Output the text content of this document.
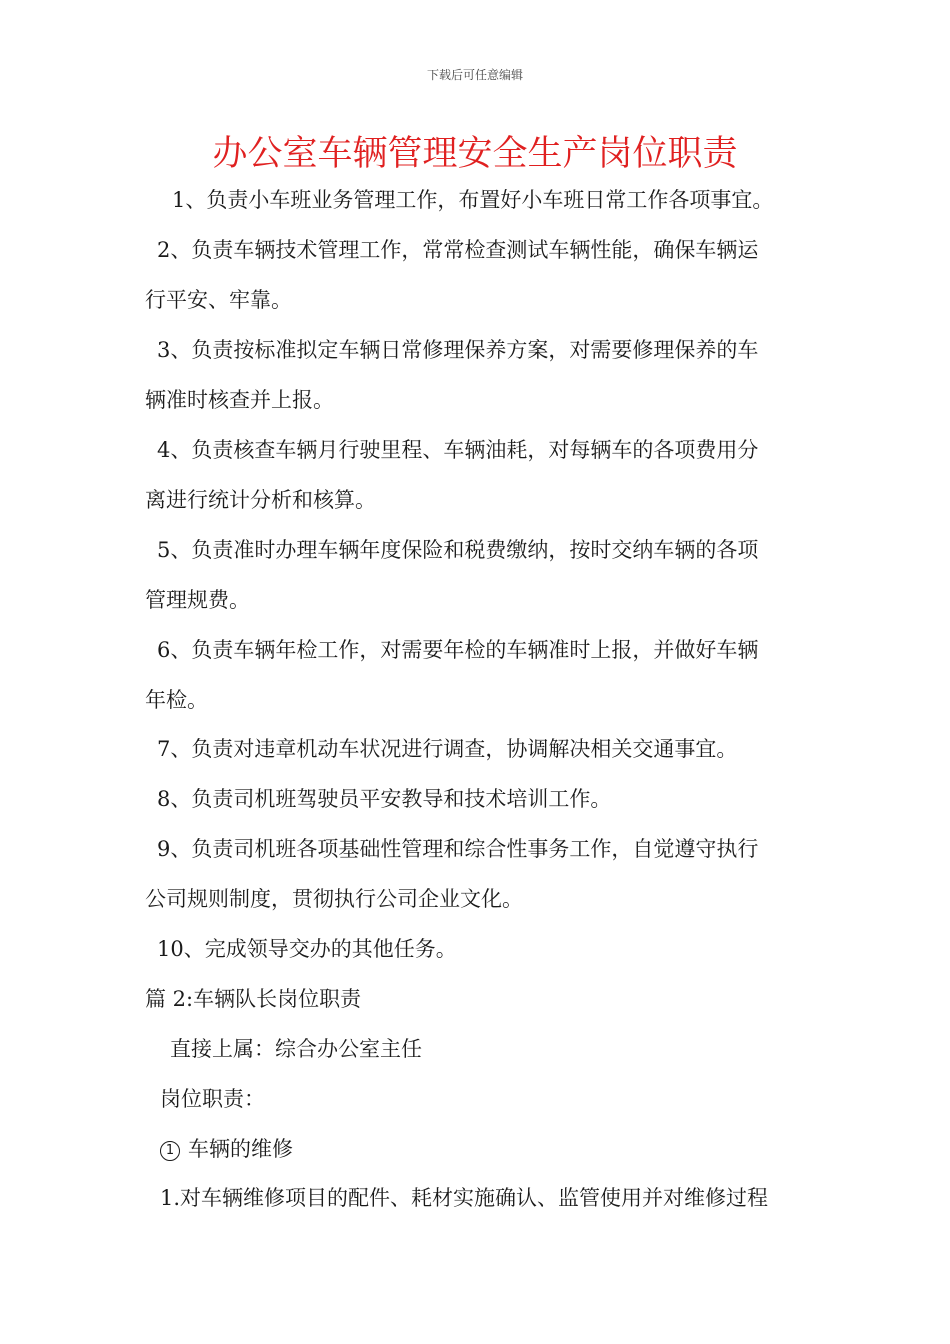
下载后可任意编辑
办公室车辆管理安全生产岗位职责
1、负责小车班业务管理工作，布置好小车班日常工作各项事宜。
2、负责车辆技术管理工作，常常检查测试车辆性能，确保车辆运
行平安、牢靠。
3、负责按标准拟定车辆日常修理保养方案，对需要修理保养的车
辆准时核查并上报。
4、负责核查车辆月行驶里程、车辆油耗，对每辆车的各项费用分
离进行统计分析和核算。
5、负责准时办理车辆年度保险和税费缴纳，按时交纳车辆的各项
管理规费。
6、负责车辆年检工作，对需要年检的车辆准时上报，并做好车辆
年检。
7、负责对违章机动车状况进行调查，协调解决相关交通事宜。
8、负责司机班驾驶员平安教导和技术培训工作。
9、负责司机班各项基础性管理和综合性事务工作，自觉遵守执行
公司规则制度，贯彻执行公司企业文化。
10、完成领导交办的其他任务。
篇 2:车辆队长岗位职责
直接上属：综合办公室主任
岗位职责：
1 车辆的维修
1.对车辆维修项目的配件、耗材实施确认、监管使用并对维修过程
